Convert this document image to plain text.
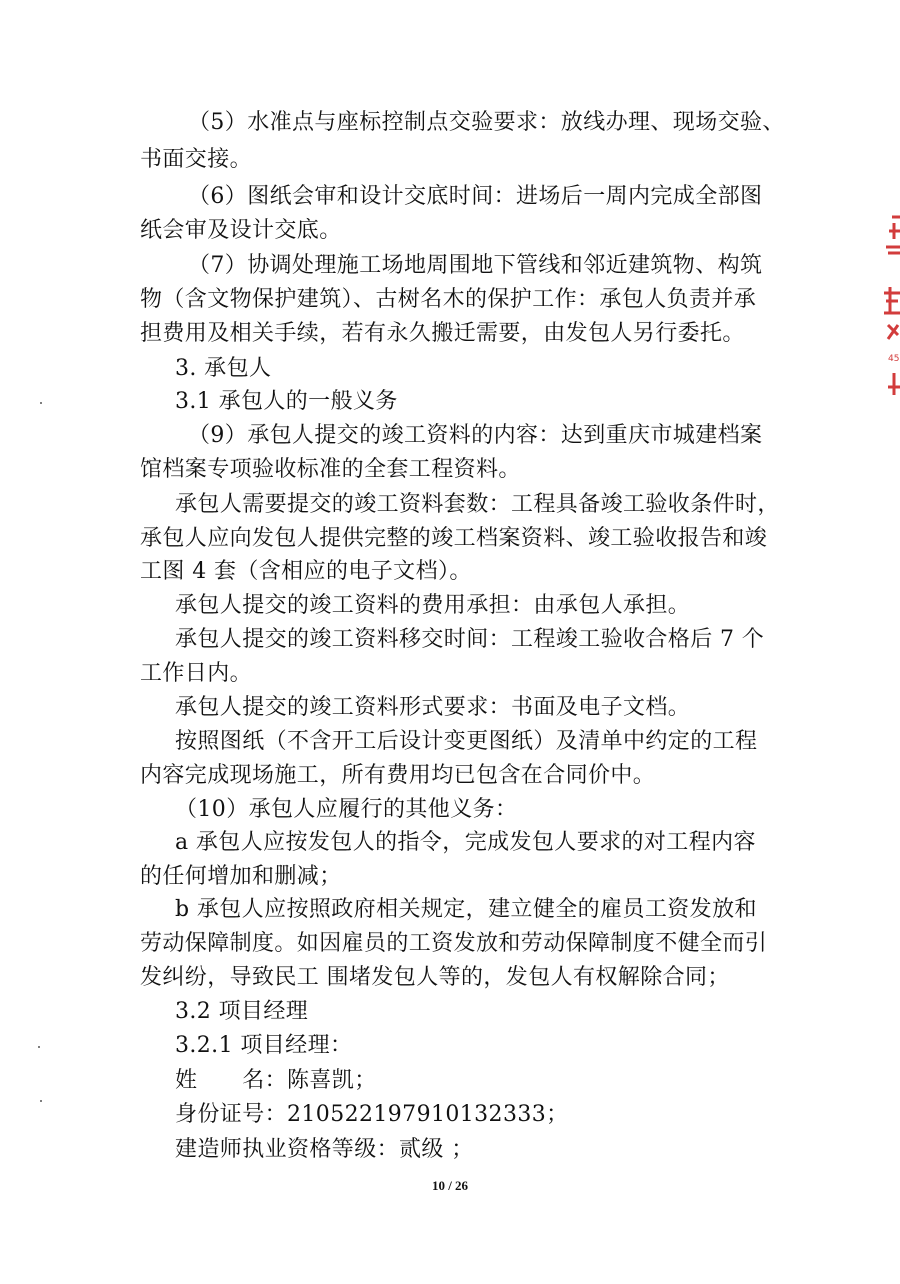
（5）水准点与座标控制点交验要求：放线办理、现场交验、
书面交接。
（6）图纸会审和设计交底时间：进场后一周内完成全部图
纸会审及设计交底。
（7）协调处理施工场地周围地下管线和邻近建筑物、构筑
物（含文物保护建筑）、古树名木的保护工作：承包人负责并承
担费用及相关手续，若有永久搬迁需要，由发包人另行委托。
3. 承包人
3.1 承包人的一般义务
（9）承包人提交的竣工资料的内容：达到重庆市城建档案
馆档案专项验收标准的全套工程资料。
承包人需要提交的竣工资料套数：工程具备竣工验收条件时，
承包人应向发包人提供完整的竣工档案资料、竣工验收报告和竣
工图 4 套（含相应的电子文档）。
承包人提交的竣工资料的费用承担：由承包人承担。
承包人提交的竣工资料移交时间：工程竣工验收合格后 7 个
工作日内。
承包人提交的竣工资料形式要求：书面及电子文档。
按照图纸（不含开工后设计变更图纸）及清单中约定的工程
内容完成现场施工，所有费用均已包含在合同价中。
（10）承包人应履行的其他义务：
a 承包人应按发包人的指令，完成发包人要求的对工程内容
的任何增加和删减；
b 承包人应按照政府相关规定，建立健全的雇员工资发放和
劳动保障制度。如因雇员的工资发放和劳动保障制度不健全而引
发纠纷，导致民工 围堵发包人等的，发包人有权解除合同；
3.2 项目经理
3.2.1 项目经理：
姓　　名：陈喜凯；
身份证号：210522197910132333；
建造师执业资格等级：贰级 ；
10 / 26
45
